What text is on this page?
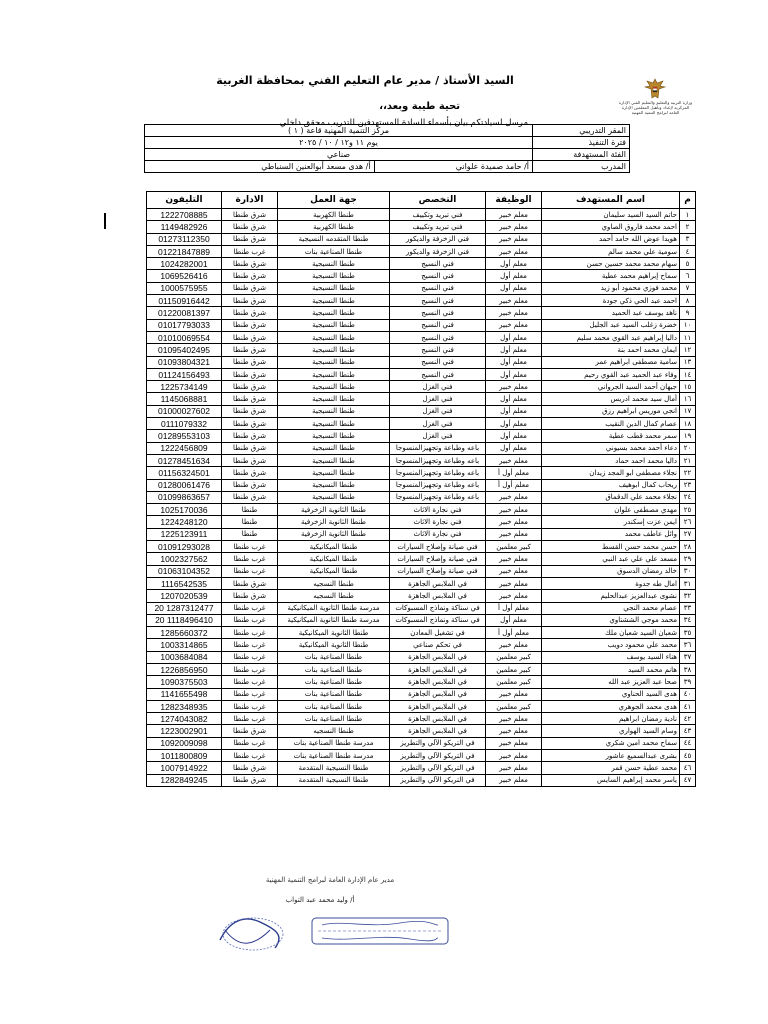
السيد الأستاذ / مدير عام التعليم الفني بمحافظة الغربية
تحية طيبة وبعد،،
مرسل لسيادتكم بيان بأسماء السادة المستهدفين للتدريب محقق داخلي
وزارة التربية والتعليم والتعليم الفني الإدارة المركزية لإعداد وتأهيل المعلمين الإدارة العامة لبرامج التنمية المهنية
المقر التدريبي	مركز التنمية المهنية قاعة ( ١ )	
فترة التنفيذ	يوم ١١ و١٢ / ١٠ / ٢٠٢٥	
الفئة المستهدفة	صناعي	
المدرب	أ/ حامد صميدة علواني	أ/ هدى مسعد أبوالعنين السنباطي
م	اسم المستهدف	الوظيفة	التخصص	جهة العمل	الادارة	التليفون
١	حاتم السيد السيد سليمان	معلم خبير	فني تبريد وتكييف	طنطا الكهربية	شرق طنطا	1222708885
٢	احمد محمد فاروق الصاوي	معلم خبير	فني تبريد وتكييف	طنطا الكهربية	شرق طنطا	1149482926
٣	هويدا عوض الله حامد أحمد	معلم خبير	فني الزخرفة والديكور	طنطا المتقدمه النسيجية	شرق طنطا	01273112350
٤	سومية علي محمد سالم	معلم خبير	فني الزخرفة والديكور	طنطا الصناعية بنات	غرب طنطا	01221847889
٥	سهام محمد محمد حسين حسن	معلم أول	فني النسيج	طنطا النسيجية	شرق طنطا	1024282001
٦	سماح إبراهيم محمد عطية	معلم أول	فني النسيج	طنطا النسيجية	شرق طنطا	1069526416
٧	محمد فوزي محمود أبو زيد	معلم أول	فني النسيج	طنطا النسيجية	شرق طنطا	1000575955
٨	احمد عبد الحي ذكي جودة	معلم خبير	فني النسيج	طنطا النسيجية	شرق طنطا	01150916442
٩	ناهد يوسف عبد الحميد	معلم خبير	فني النسيج	طنطا النسيجية	شرق طنطا	01220081397
١٠	خضرة زغلب السيد عبد الجليل	معلم خبير	فني النسيج	طنطا النسيجية	شرق طنطا	01017793033
١١	داليا إبراهيم عبد القوي محمد سليم	معلم أول	فني النسيج	طنطا النسيجية	شرق طنطا	01010069554
١٢	ايمان محمد احمد بنة	معلم أول	فني النسيج	طنطا النسيجية	شرق طنطا	01095402495
١٣	سامية مصطفى ابراهيم عمر	معلم أول	فني النسيج	طنطا النسيجية	شرق طنطا	01093804321
١٤	وفاء عبد الحميد عبد القوي رحيم	معلم أول	فني النسيج	طنطا النسيجية	شرق طنطا	01124156493
١٥	جيهان أحمد السيد الجرواني	معلم خبير	فني الغزل	طنطا النسيجية	شرق طنطا	1225734149
١٦	أمال سيد محمد ادريس	معلم أول	فني الغزل	طنطا النسيجية	شرق طنطا	1145068881
١٧	انجي موريس ابراهيم رزق	معلم أول	فني الغزل	طنطا النسيجية	شرق طنطا	01000027602
١٨	عصام كمال الدين النقيب	معلم أول	فني الغزل	طنطا النسيجية	شرق طنطا	0111079332
١٩	سمر محمد قطب عطية	معلم أول	فني الغزل	طنطا النسيجية	شرق طنطا	01289553103
٢٠	دعاء أحمد محمد بسيوني	معلم أول	باعه وطباعة وتجهيزالمنسوجا	طنطا النسيجية	شرق طنطا	1222456809
٢١	داليا محمد احمد حماد	معلم خبير	باعه وطباعة وتجهيزالمنسوجا	طنطا النسيجية	شرق طنطا	01278451634
٢٢	نجلاء مصطفى ابو المجد زيدان	معلم أول أ	باعه وطباعة وتجهيزالمنسوجا	طنطا النسيجية	شرق طنطا	01156324501
٢٣	ريحاب كمال ابوهيف	معلم أول أ	باعه وطباعة وتجهيزالمنسوجا	طنطا النسيجية	شرق طنطا	01280061476
٢٤	نجلاء محمد علي الدقماق	معلم خبير	باعه وطباعة وتجهيزالمنسوجا	طنطا النسيجية	شرق طنطا	01099863657
٢٥	مهدي مصطفى علوان	معلم خبير	فني نجارة الاثاث	طنطا الثانوية الزخرفية	طنطا	1025170036
٢٦	ايمن عزت إسكندر	معلم خبير	فني نجارة الاثاث	طنطا الثانوية الزخرفية	طنطا	1224248120
٢٧	وائل عاطف محمد	معلم خبير	فني نجارة الاثاث	طنطا الثانوية الزخرفية	طنطا	1225123911
٢٨	حسن محمد حسن القسط	كبير معلمين	فني صيانة وإصلاح السيارات	طنطا الميكانيكية	غرب طنطا	01091293028
٢٩	مسعد علي علي عبد النبي	معلم خبير	فني صيانة وإصلاح السيارات	طنطا الميكانيكية	غرب طنطا	1002327562
٣٠	خالد رمضان الدسوق	معلم خبير	فني صيانة وإصلاح السيارات	طنطا الميكانيكية	غرب طنطا	01063104352
٣١	امال طه جدوة	معلم خبير	في الملابس الجاهزة	طنطا النسجيه	شرق طنطا	1116542535
٣٢	نشوى عبدالعزيز عبدالحليم	معلم خبير	في الملابس الجاهزة	طنطا النسجيه	شرق طنطا	1207020539
٣٣	عصام محمد النجي	معلم أول أ	في سناكة ونماذج المسبوكات	مدرسة طنطا الثانوية الميكانيكية	غرب طنطا	20 1287312477
٣٤	محمد موجي الششتاوي	معلم أول	في سناكة ونماذج المسبوكات	مدرسة طنطا الثانوية الميكانيكية	غرب طنطا	20 1118496410
٣٥	شعبان السيد شعبان ملك	معلم أول أ	في تشغيل المعادن	طنطا الثانوية الميكانيكية	غرب طنطا	1285660372
٣٦	محمد علي محمود دويب	معلم خبير	في تحكم صناعي	طنطا الثانوية الميكانيكية	غرب طنطا	1003314865
٣٧	هناء السيد يوسف	كبير معلمين	في الملابس الجاهزة	طنطا الصناعية بنات	غرب طنطا	1003684084
٣٨	هانم محمد السيد	كبير معلمين	في الملابس الجاهزة	طنطا الصناعية بنات	غرب طنطا	1226856950
٣٩	صحا عبد العزيز عبد الله	كبير معلمين	في الملابس الجاهزة	طنطا الصناعية بنات	غرب طنطا	1090375503
٤٠	هدى السيد الحناوي	معلم خبير	في الملابس الجاهزة	طنطا الصناعية بنات	غرب طنطا	1141655498
٤١	هدى محمد الجوهري	كبير معلمين	في الملابس الجاهزة	طنطا الصناعية بنات	غرب طنطا	1282348935
٤٢	نادية رمضان ابراهيم	معلم خبير	في الملابس الجاهزة	طنطا الصناعية بنات	غرب طنطا	1274043082
٤٣	وسام السيد الهواري	معلم خبير	في الملابس الجاهزة	طنطا النسجيه	شرق طنطا	1223002901
٤٤	سماح محمد امين شكري	معلم خبير	في التريكو الآلي والتطريز	مدرسة طنطا الصناعية بنات	غرب طنطا	1092009098
٤٥	بشرى عبدالسميع عاشور	معلم خبير	في التريكو الآلي والتطريز	مدرسة طنطا الصناعية بنات	غرب طنطا	1011800809
٤٦	محمد عطية حسن قمر	معلم خبير	في التريكو الآلي والتطريز	طنطا النسيجية المتقدمة	شرق طنطا	1007914922
٤٧	ياسر محمد إبراهيم السايس	معلم خبير	في التريكو الآلي والتطريز	طنطا النسيجية المتقدمة	شرق طنطا	1282849245
مدير عام الإدارة العامة لبرامج التنمية المهنية
أ/ وليد محمد عبد التواب
